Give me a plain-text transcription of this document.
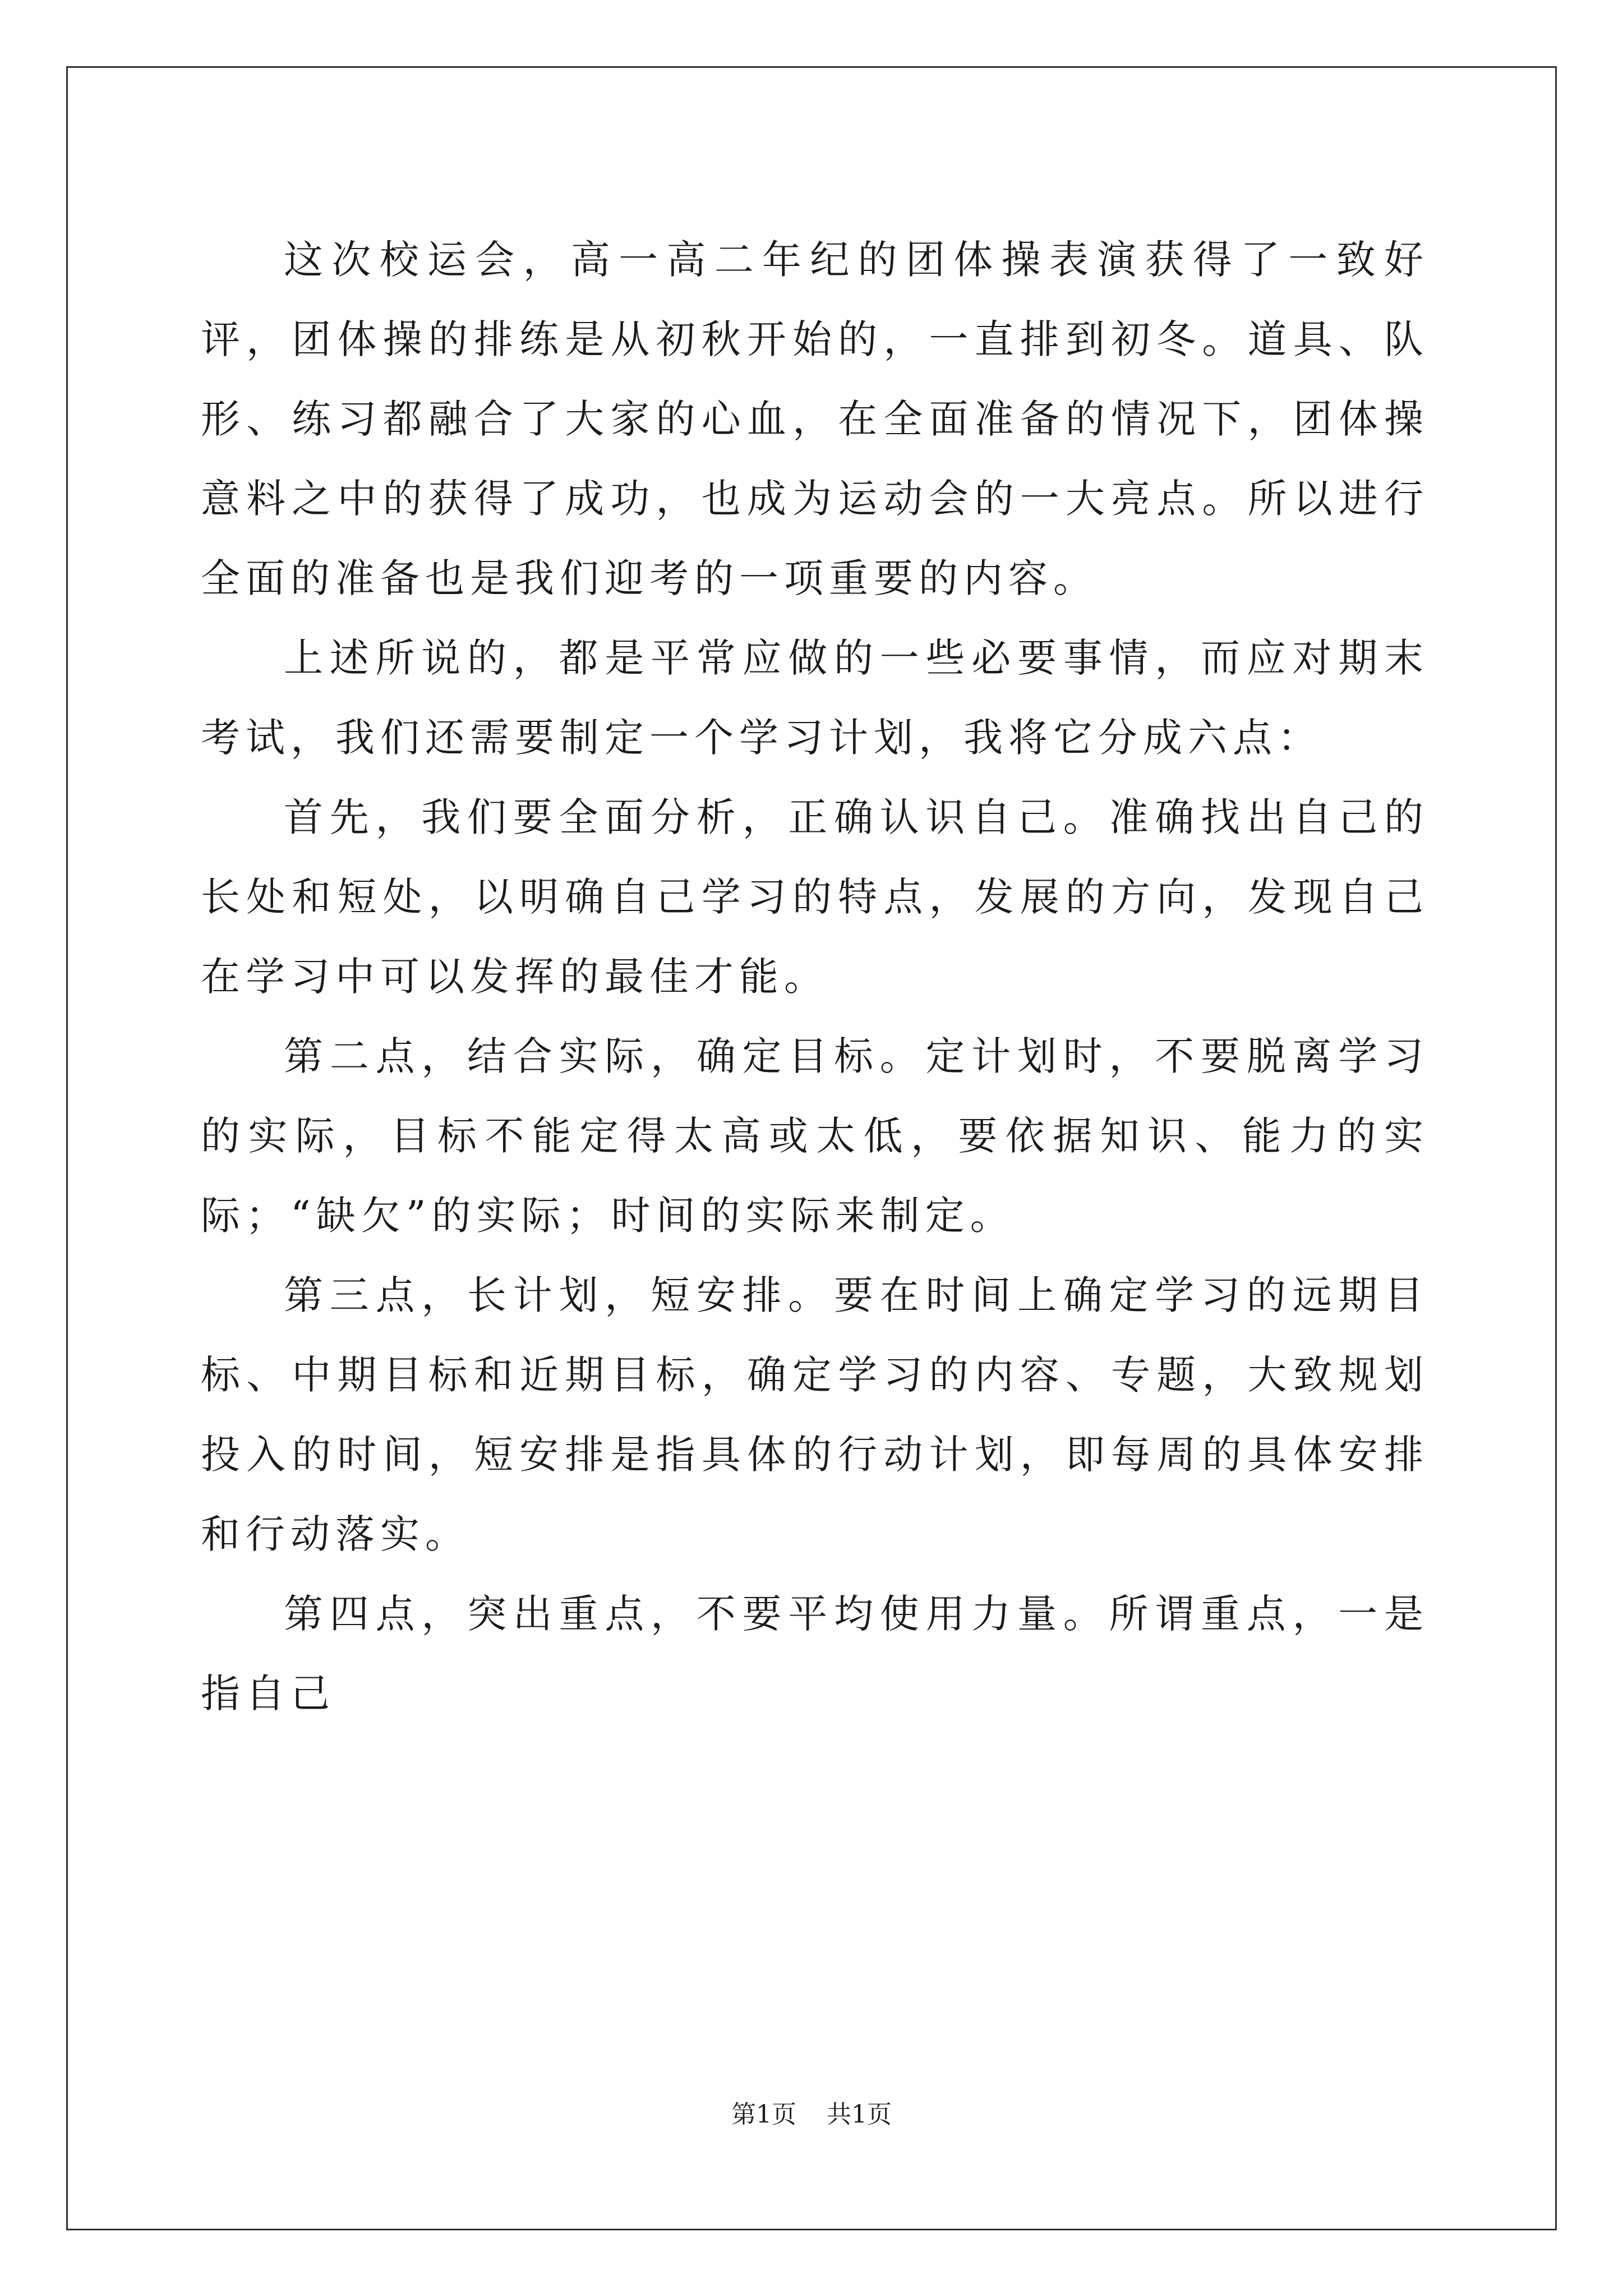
这次校运会，高一高二年纪的团体操表演获得了一致好评，团体操的排练是从初秋开始的，一直排到初冬。道具、队形、练习都融合了大家的心血，在全面准备的情况下，团体操意料之中的获得了成功，也成为运动会的一大亮点。所以进行全面的准备也是我们迎考的一项重要的内容。

上述所说的，都是平常应做的一些必要事情，而应对期末考试，我们还需要制定一个学习计划，我将它分成六点：

首先，我们要全面分析，正确认识自己。准确找出自己的长处和短处，以明确自己学习的特点，发展的方向，发现自己在学习中可以发挥的最佳才能。

第二点，结合实际，确定目标。定计划时，不要脱离学习的实际，目标不能定得太高或太低，要依据知识、能力的实际；“缺欠”的实际；时间的实际来制定。

第三点，长计划，短安排。要在时间上确定学习的远期目标、中期目标和近期目标，确定学习的内容、专题，大致规划投入的时间，短安排是指具体的行动计划，即每周的具体安排和行动落实。

第四点，突出重点，不要平均使用力量。所谓重点，一是指自己

第1页 共1页
